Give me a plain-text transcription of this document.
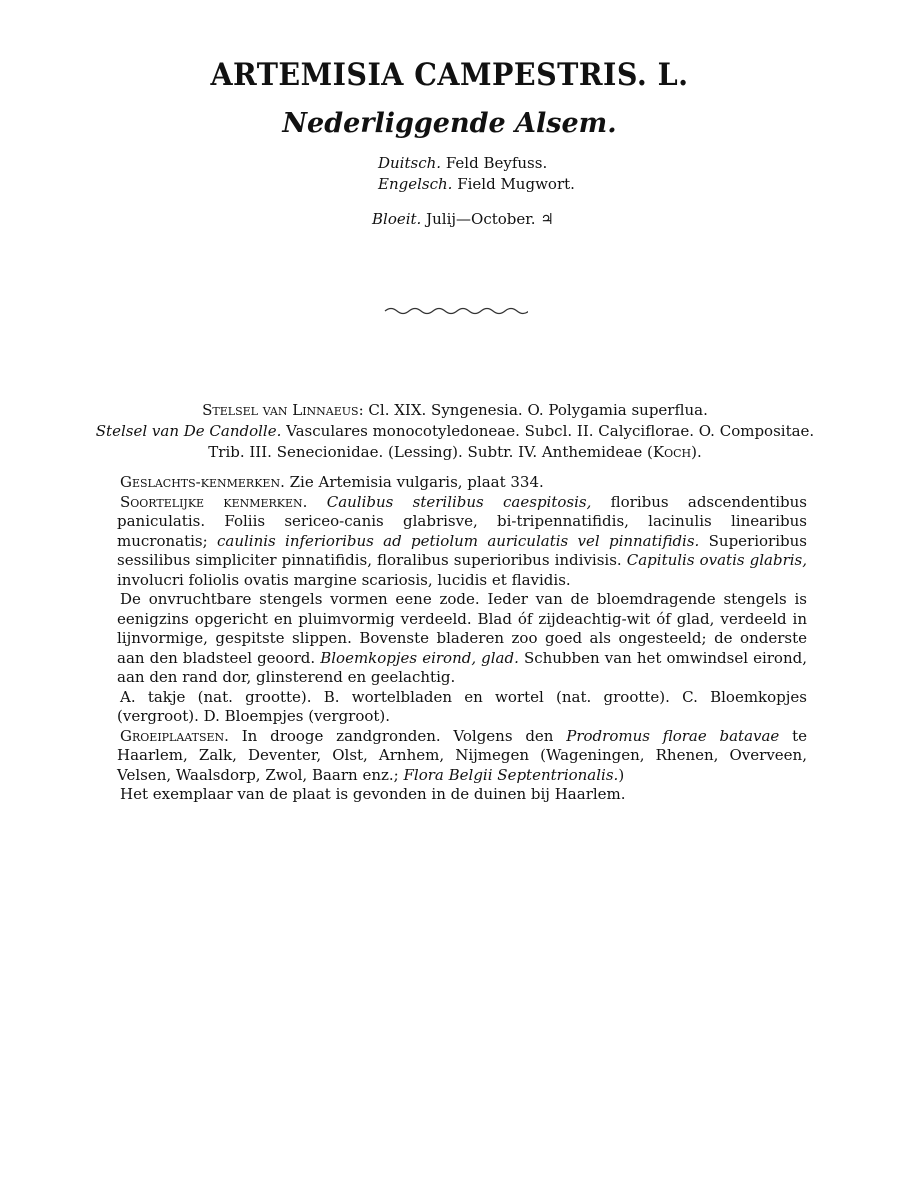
ARTEMISIA CAMPESTRIS. L.
Nederliggende Alsem.
Duitsch. Feld Beyfuss.
Engelsch. Field Mugwort.
Bloeit. Julij—October. ♃
Stelsel van Linnaeus: Cl. XIX. Syngenesia. O. Polygamia superflua.
Stelsel van De Candolle. Vasculares monocotyledoneae. Subcl. II. Calyciflorae. O. Compositae.
Trib. III. Senecionidae. (Lessing). Subtr. IV. Anthemideae (Koch).

Geslachts-kenmerken. Zie Artemisia vulgaris, plaat 334.

Soortelijke kenmerken. Caulibus sterilibus caespitosis, floribus adscendentibus paniculatis. Foliis sericeo-canis glabrisve, bi-tripennatifidis, lacinulis linearibus mucronatis; caulinis inferioribus ad petiolum auriculatis vel pinnatifidis. Superioribus sessilibus simpliciter pinnatifidis, floralibus superioribus indivisis. Capitulis ovatis glabris, involucri foliolis ovatis margine scariosis, lucidis et flavidis.

De onvruchtbare stengels vormen eene zode. Ieder van de bloemdragende stengels is eenigzins opgericht en pluimvormig verdeeld. Blad óf zijdeachtig-wit óf glad, verdeeld in lijnvormige, gespitste slippen. Bovenste bladeren zoo goed als ongesteeld; de onderste aan den bladsteel geoord. Bloemkopjes eirond, glad. Schubben van het omwindsel eirond, aan den rand dor, glinsterend en geelachtig.

A. takje (nat. grootte). B. wortelbladen en wortel (nat. grootte). C. Bloemkopjes (vergroot). D. Bloempjes (vergroot).

Groeiplaatsen. In drooge zandgronden. Volgens den Prodromus florae batavae te Haarlem, Zalk, Deventer, Olst, Arnhem, Nijmegen (Wageningen, Rhenen, Overveen, Velsen, Waalsdorp, Zwol, Baarn enz.; Flora Belgii Septentrionalis.)

Het exemplaar van de plaat is gevonden in de duinen bij Haarlem.
